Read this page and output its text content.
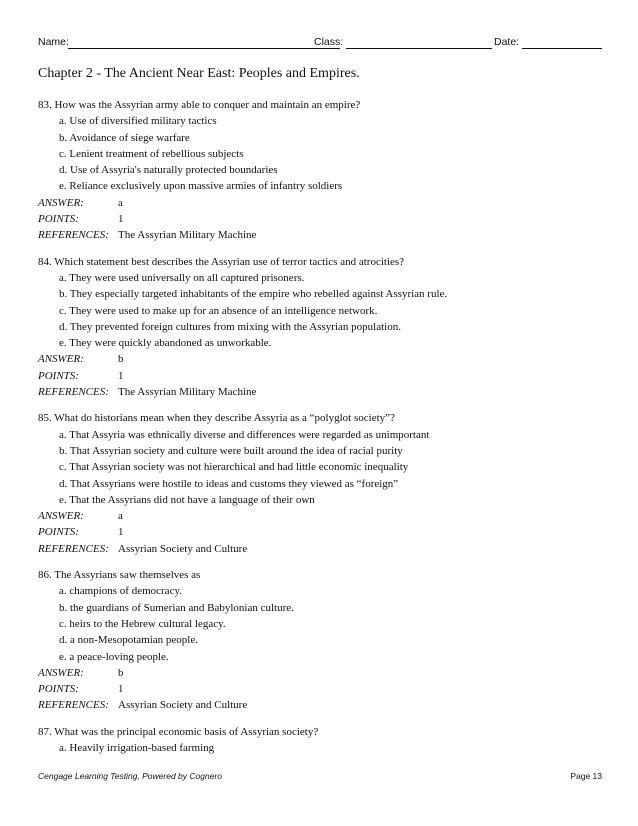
Name:	Class:	Date:
Chapter 2 - The Ancient Near East: Peoples and Empires.
83. How was the Assyrian army able to conquer and maintain an empire?
a. Use of diversified military tactics
b. Avoidance of siege warfare
c. Lenient treatment of rebellious subjects
d. Use of Assyria's naturally protected boundaries
e. Reliance exclusively upon massive armies of infantry soldiers
ANSWER:	a
POINTS:	1
REFERENCES: The Assyrian Military Machine
84. Which statement best describes the Assyrian use of terror tactics and atrocities?
a. They were used universally on all captured prisoners.
b. They especially targeted inhabitants of the empire who rebelled against Assyrian rule.
c. They were used to make up for an absence of an intelligence network.
d. They prevented foreign cultures from mixing with the Assyrian population.
e. They were quickly abandoned as unworkable.
ANSWER:	b
POINTS:	1
REFERENCES: The Assyrian Military Machine
85. What do historians mean when they describe Assyria as a “polyglot society”?
a. That Assyria was ethnically diverse and differences were regarded as unimportant
b. That Assyrian society and culture were built around the idea of racial purity
c. That Assyrian society was not hierarchical and had little economic inequality
d. That Assyrians were hostile to ideas and customs they viewed as “foreign”
e. That the Assyrians did not have a language of their own
ANSWER:	a
POINTS:	1
REFERENCES: Assyrian Society and Culture
86. The Assyrians saw themselves as
a. champions of democracy.
b. the guardians of Sumerian and Babylonian culture.
c. heirs to the Hebrew cultural legacy.
d. a non-Mesopotamian people.
e. a peace-loving people.
ANSWER:	b
POINTS:	1
REFERENCES: Assyrian Society and Culture
87. What was the principal economic basis of Assyrian society?
a. Heavily irrigation-based farming
Cengage Learning Testing, Powered by Cognero	Page 13
